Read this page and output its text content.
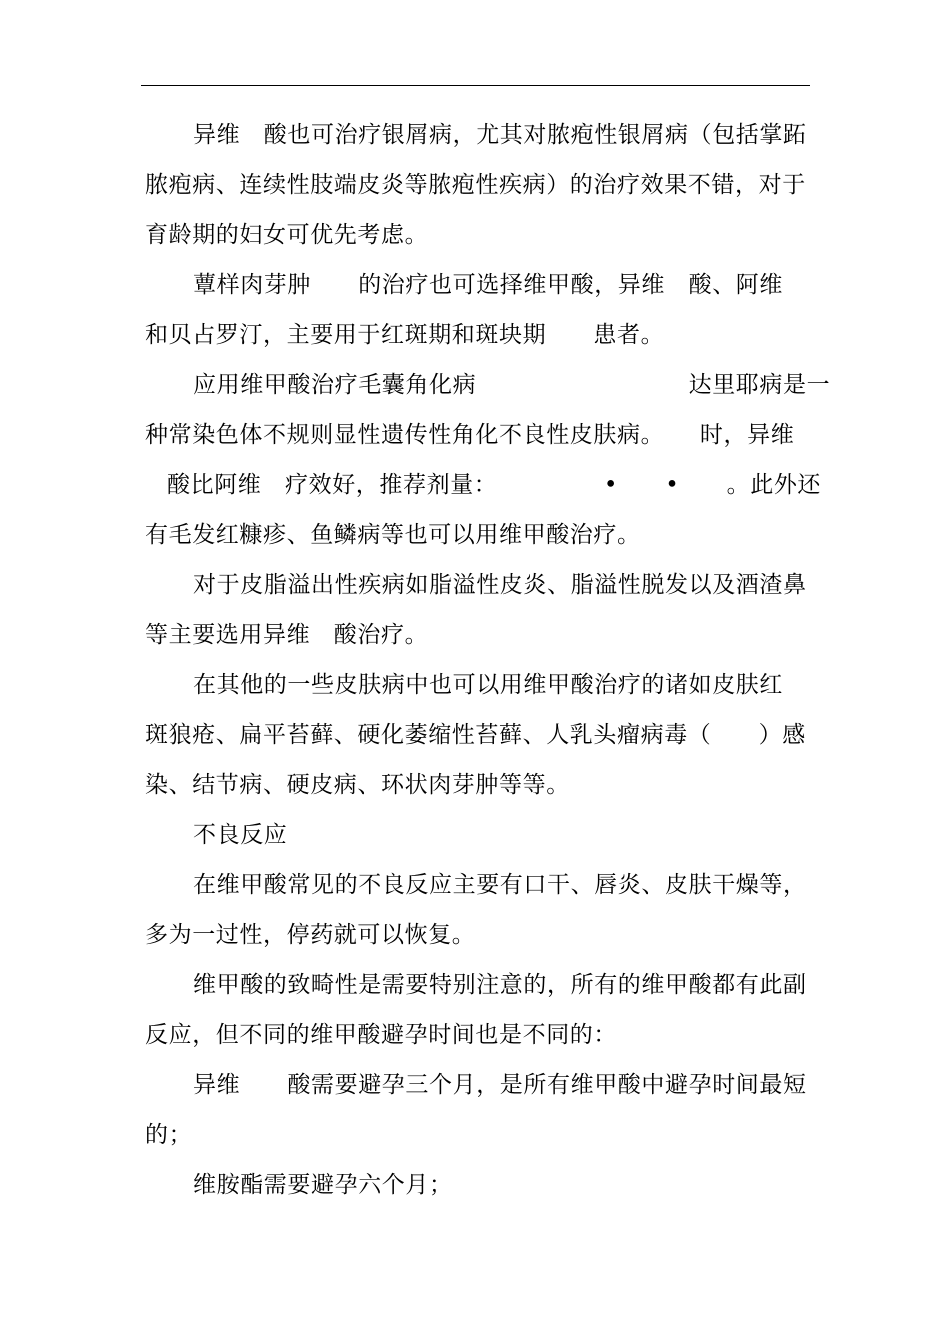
异维　酸也可治疗银屑病，尤其对脓疱性银屑病（包括掌跖
脓疱病、连续性肢端皮炎等脓疱性疾病）的治疗效果不错，对于
育龄期的妇女可优先考虑。
蕈样肉芽肿　　的治疗也可选择维甲酸，异维　酸、阿维
和贝占罗汀，主要用于红斑期和斑块期　　患者。
应用维甲酸治疗毛囊角化病　　　　　　　　　达里耶病是一
种常染色体不规则显性遗传性角化不良性皮肤病。　　时，异维
酸比阿维　疗效好，推荐剂量：　　　　　•　　•　　。此外还
有毛发红糠疹、鱼鳞病等也可以用维甲酸治疗。
对于皮脂溢出性疾病如脂溢性皮炎、脂溢性脱发以及酒渣鼻
等主要选用异维　酸治疗。
在其他的一些皮肤病中也可以用维甲酸治疗的诸如皮肤红
斑狼疮、扁平苔藓、硬化萎缩性苔藓、人乳头瘤病毒（　　）感
染、结节病、硬皮病、环状肉芽肿等等。
不良反应
在维甲酸常见的不良反应主要有口干、唇炎、皮肤干燥等，
多为一过性，停药就可以恢复。
维甲酸的致畸性是需要特别注意的，所有的维甲酸都有此副
反应，但不同的维甲酸避孕时间也是不同的：
异维　　酸需要避孕三个月，是所有维甲酸中避孕时间最短
的；
维胺酯需要避孕六个月；
